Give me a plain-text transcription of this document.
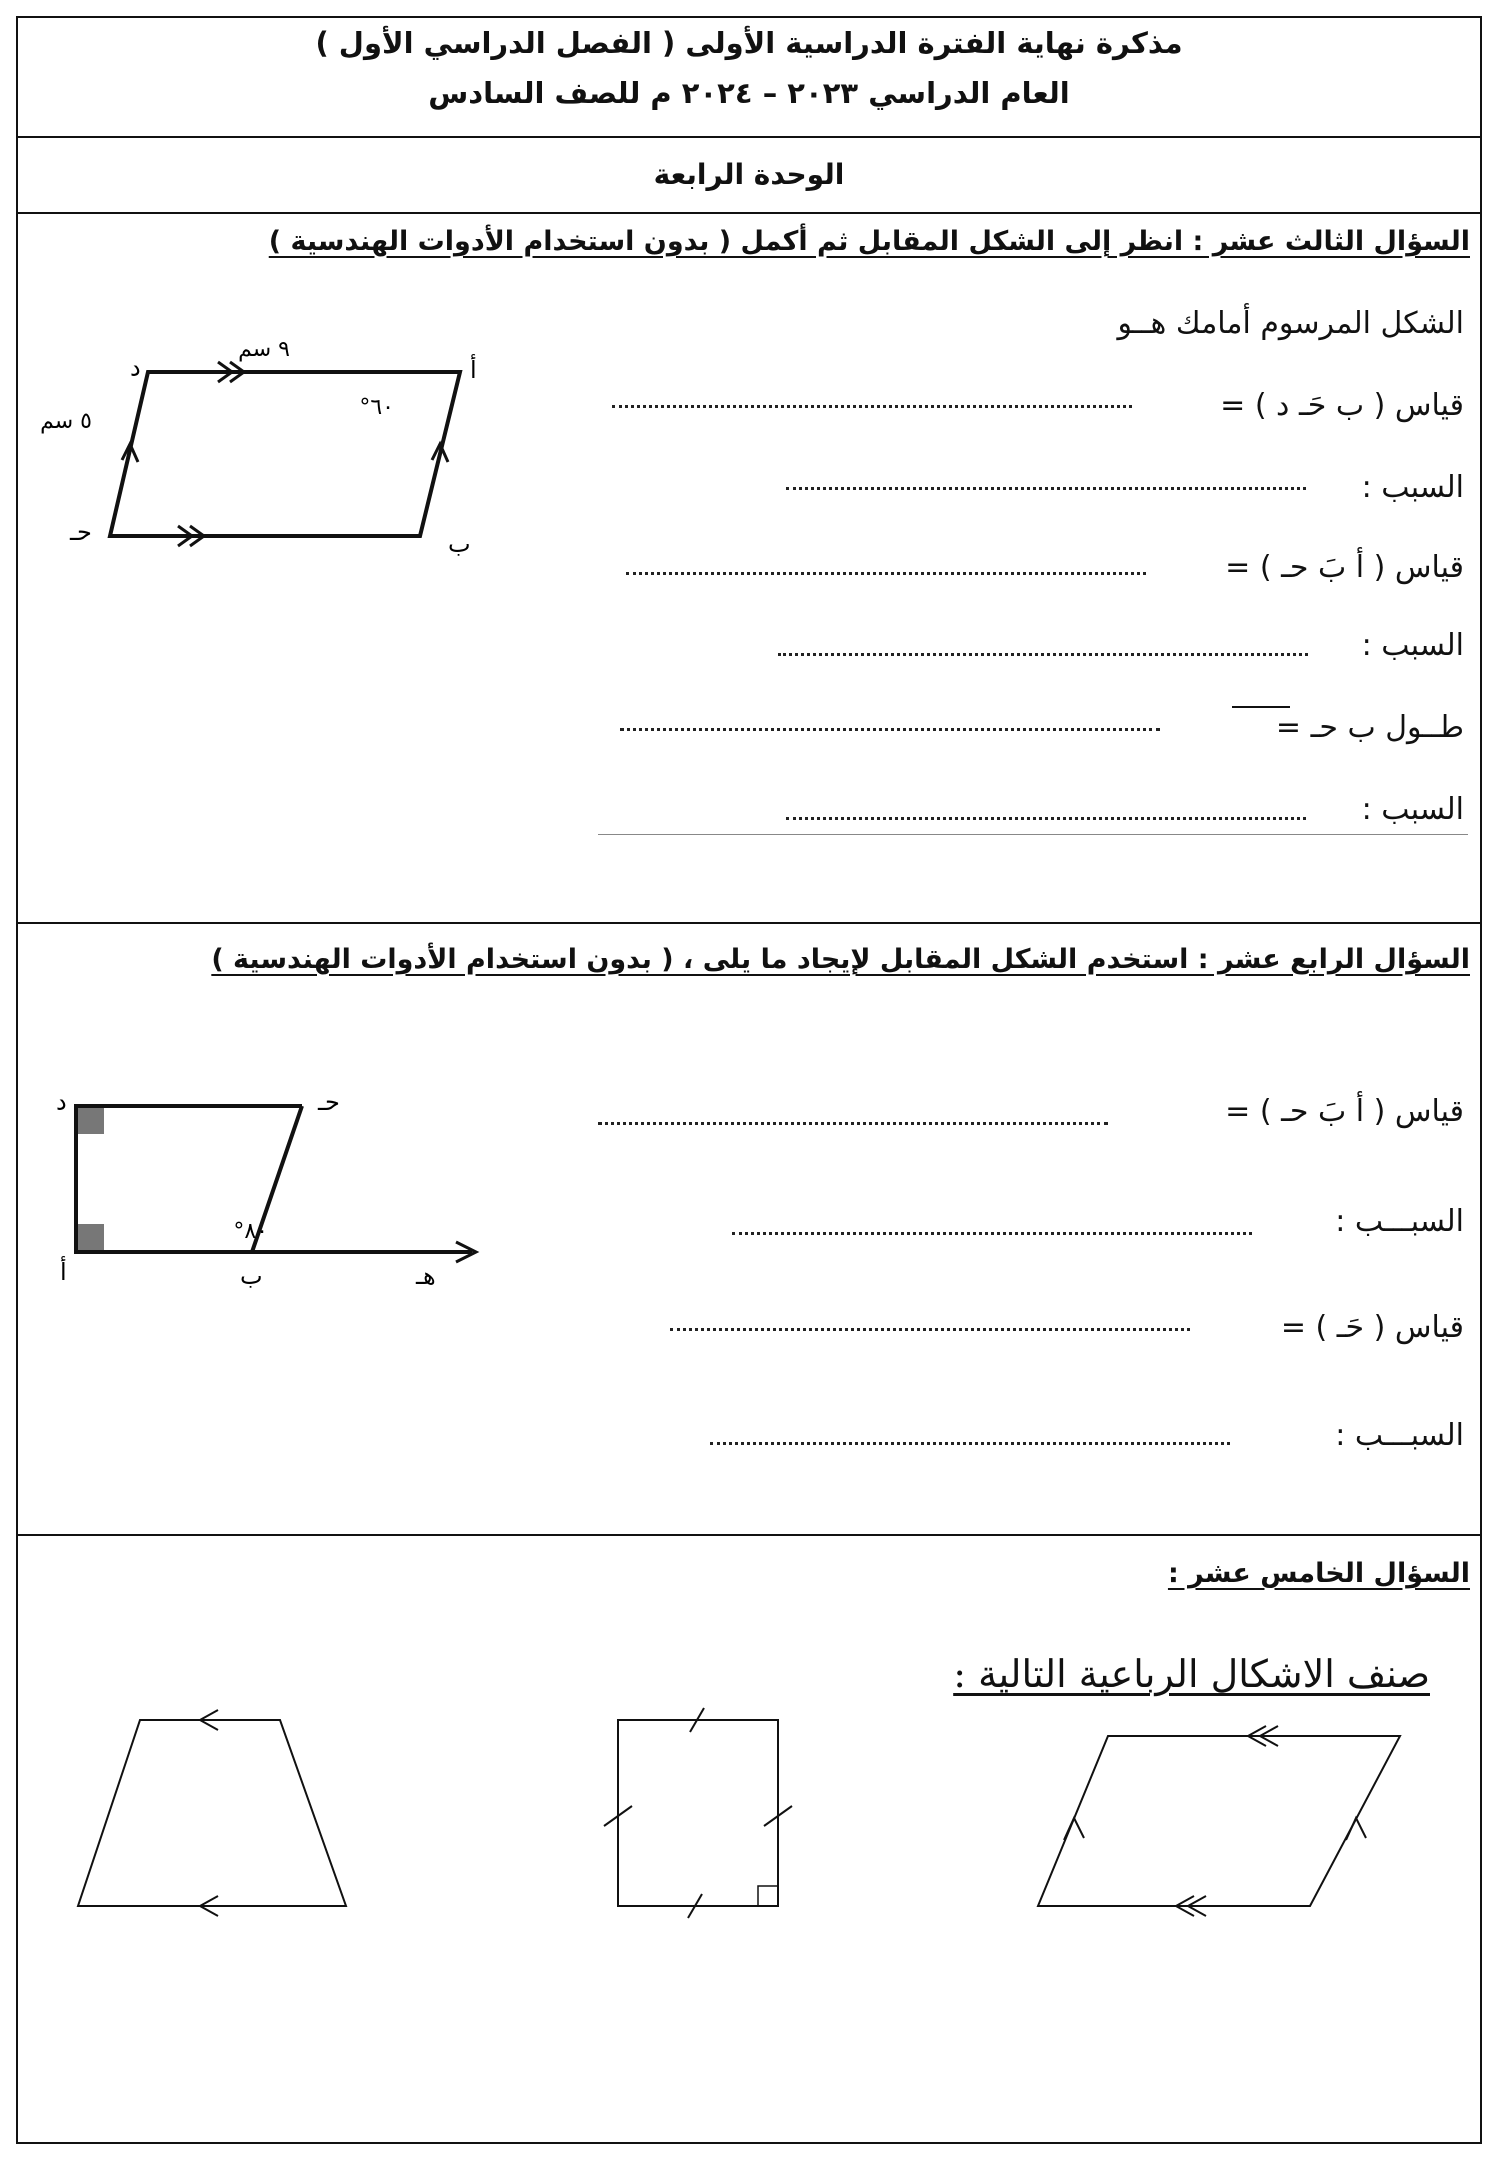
مذكرة نهاية الفترة الدراسية الأولى ( الفصل الدراسي الأول )
العام الدراسي ٢٠٢٣ – ٢٠٢٤ م للصف السادس
الوحدة الرابعة
السؤال الثالث عشر : انظر إلى الشكل المقابل ثم أكمل ( بدون استخدام الأدوات الهندسية )
الشكل المرسوم أمامك هــو
قياس ( ب حَـ د ) =
السبب :
قياس ( أ بَ حـ ) =
السبب :
طــول ب حـ =
السبب :
أ
ب
حـ
د
٩ سم
٥ سم
٦٠°
السؤال الرابع عشر : استخدم الشكل المقابل لإيجاد ما يلى ، ( بدون استخدام الأدوات الهندسية )
قياس ( أ بَ حـ ) =
السبـــب :
قياس ( حَـ ) =
السبـــب :
أ	ب
حـ
د
هـ
٨٠°
السؤال الخامس عشر :
صنف الاشكال الرباعية التالية :
